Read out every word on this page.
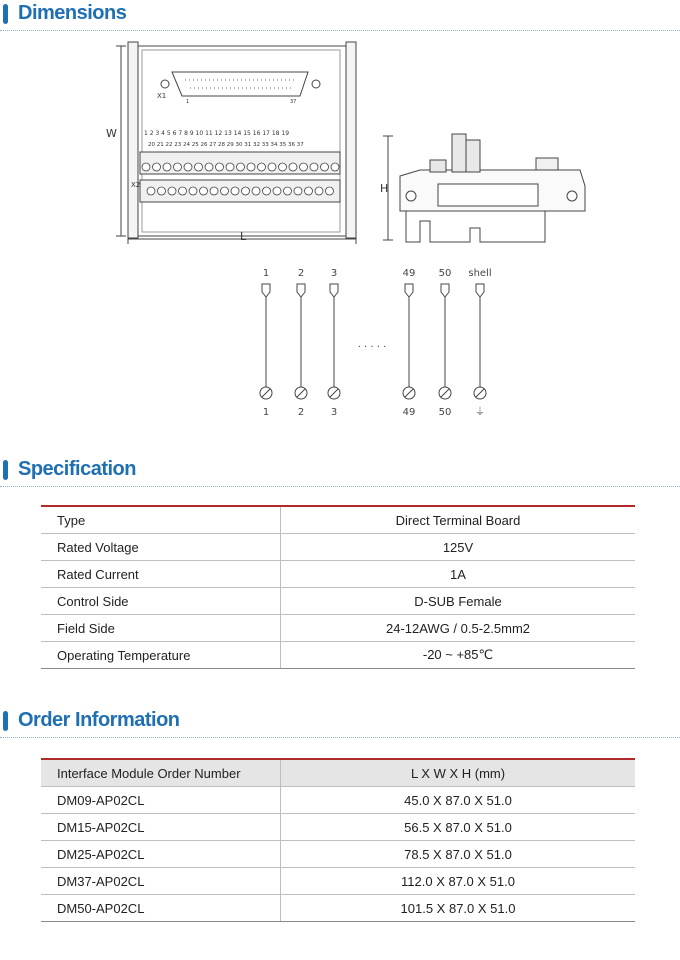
Dimensions
X1
1	37
1 2 3 4 5 6 7 8 9 10 11 12 13 14 15 16 17 18 19
20 21 22 23 24 25 26 27 28 29 30 31 32 33 34 35 36 37
X2
W
L
H
1	2	3	49 50 shell
1	2	3	49 50 ⏚
. . . . .
Specification
Type	Direct Terminal Board
Rated Voltage	125V
Rated Current	1A
Control Side	D-SUB Female
Field Side	24-12AWG / 0.5-2.5mm2
Operating Temperature	-20 ~ +85℃
Order Information
Interface Module Order Number	L X W X H (mm)
DM09-AP02CL	45.0 X 87.0 X 51.0
DM15-AP02CL	56.5 X 87.0 X 51.0
DM25-AP02CL	78.5 X 87.0 X 51.0
DM37-AP02CL	112.0 X 87.0 X 51.0
DM50-AP02CL	101.5 X 87.0 X 51.0
